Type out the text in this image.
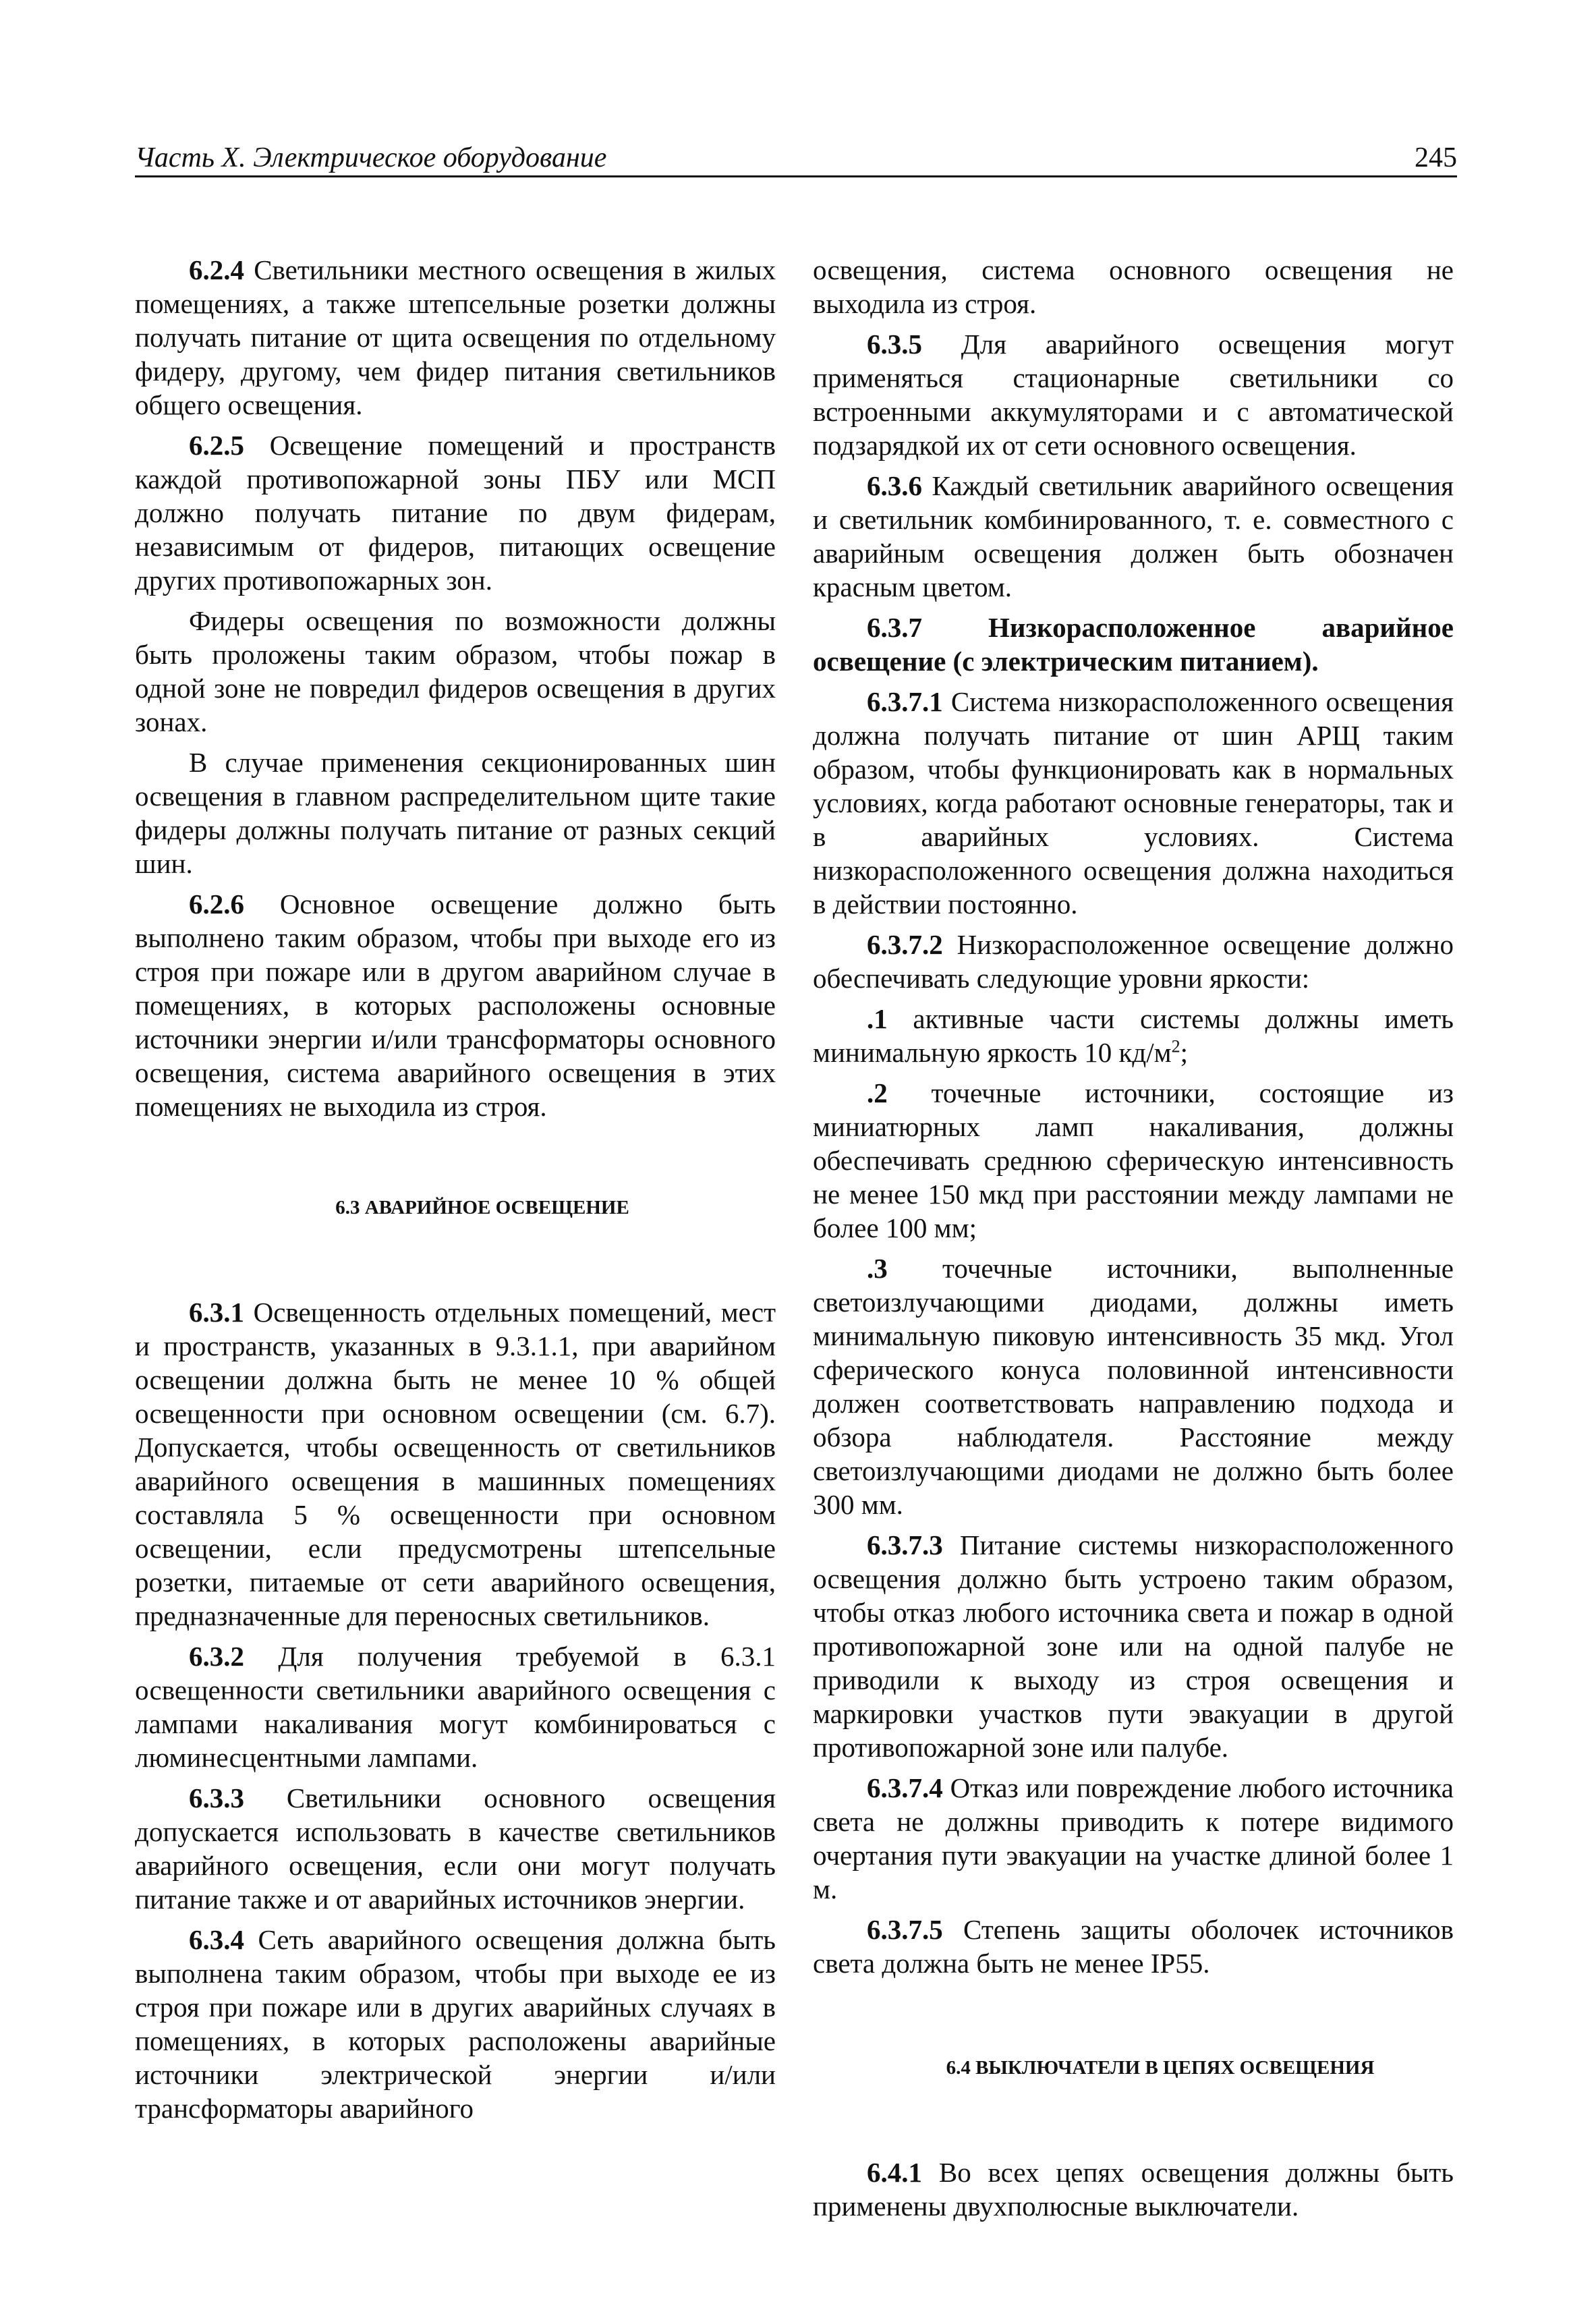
Часть X. Электрическое оборудование	245

6.2.4 Светильники местного освещения в жилых помещениях, а также штепсельные розетки должны получать питание от щита освещения по отдельному фидеру, другому, чем фидер питания светильников общего освещения.

6.2.5 Освещение помещений и пространств каждой противопожарной зоны ПБУ или МСП должно получать питание по двум фидерам, независимым от фидеров, питающих освещение других противопожарных зон.

Фидеры освещения по возможности должны быть проложены таким образом, чтобы пожар в одной зоне не повредил фидеров освещения в других зонах.

В случае применения секционированных шин освещения в главном распределительном щите такие фидеры должны получать питание от разных секций шин.

6.2.6 Основное освещение должно быть выполнено таким образом, чтобы при выходе его из строя при пожаре или в другом аварийном случае в помещениях, в которых расположены основные источники энергии и/или трансформаторы основного освещения, система аварийного освещения в этих помещениях не выходила из строя.

6.3 АВАРИЙНОЕ ОСВЕЩЕНИЕ

6.3.1 Освещенность отдельных помещений, мест и пространств, указанных в 9.3.1.1, при аварийном освещении должна быть не менее 10 % общей освещенности при основном освещении (см. 6.7). Допускается, чтобы освещенность от светильников аварийного освещения в машинных помещениях составляла 5 % освещенности при основном освещении, если предусмотрены штепсельные розетки, питаемые от сети аварийного освещения, предназначенные для переносных светильников.

6.3.2 Для получения требуемой в 6.3.1 освещенности светильники аварийного освещения с лампами накаливания могут комбинироваться с люминесцентными лампами.

6.3.3 Светильники основного освещения допускается использовать в качестве светильников аварийного освещения, если они могут получать питание также и от аварийных источников энергии.

6.3.4 Сеть аварийного освещения должна быть выполнена таким образом, чтобы при выходе ее из строя при пожаре или в других аварийных случаях в помещениях, в которых расположены аварийные источники электрической энергии и/или трансформаторы аварийного

освещения, система основного освещения не выходила из строя.

6.3.5 Для аварийного освещения могут применяться стационарные светильники со встроенными аккумуляторами и с автоматической подзарядкой их от сети основного освещения.

6.3.6 Каждый светильник аварийного освещения и светильник комбинированного, т. е. совместного с аварийным освещения должен быть обозначен красным цветом.

6.3.7 Низкорасположенное аварийное освещение (с электрическим питанием).

6.3.7.1 Система низкорасположенного освещения должна получать питание от шин АРЩ таким образом, чтобы функционировать как в нормальных условиях, когда работают основные генераторы, так и в аварийных условиях. Система низкорасположенного освещения должна находиться в действии постоянно.

6.3.7.2 Низкорасположенное освещение должно обеспечивать следующие уровни яркости:

.1 активные части системы должны иметь минимальную яркость 10 $кд/м^2$;

.2 точечные источники, состоящие из миниатюрных ламп накаливания, должны обеспечивать среднюю сферическую интенсивность не менее 150 мкд при расстоянии между лампами не более 100 мм;

.3 точечные источники, выполненные светоизлучающими диодами, должны иметь минимальную пиковую интенсивность 35 мкд. Угол сферического конуса половинной интенсивности должен соответствовать направлению подхода и обзора наблюдателя. Расстояние между светоизлучающими диодами не должно быть более 300 мм.

6.3.7.3 Питание системы низкорасположенного освещения должно быть устроено таким образом, чтобы отказ любого источника света и пожар в одной противопожарной зоне или на одной палубе не приводили к выходу из строя освещения и маркировки участков пути эвакуации в другой противопожарной зоне или палубе.

6.3.7.4 Отказ или повреждение любого источника света не должны приводить к потере видимого очертания пути эвакуации на участке длиной более 1 м.

6.3.7.5 Степень защиты оболочек источников света должна быть не менее IP55.

6.4 ВЫКЛЮЧАТЕЛИ В ЦЕПЯХ ОСВЕЩЕНИЯ

6.4.1 Во всех цепях освещения должны быть применены двухполюсные выключатели.
